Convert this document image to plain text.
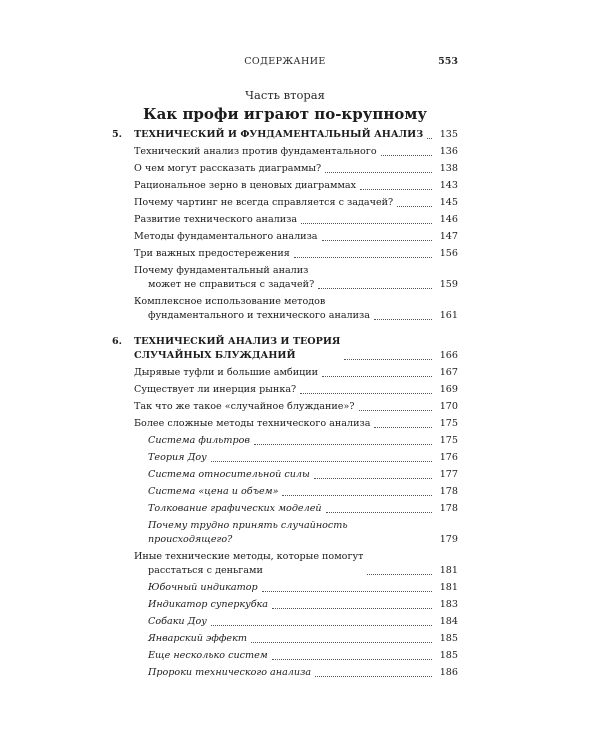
СОДЕРЖАНИЕ	553
Часть вторая
Как профи играют по-крупному
5. ТЕХНИЧЕСКИЙ И ФУНДАМЕНТАЛЬНЫЙ АНАЛИЗ	135
Технический анализ против фундаментального	136
О чем могут рассказать диаграммы?	138
Рациональное зерно в ценовых диаграммах	143
Почему чартинг не всегда справляется с задачей?	145
Развитие технического анализа	146
Методы фундаментального анализа	147
Три важных предостережения	156
Почему фундаментальный анализ
может не справиться с задачей?	159
Комплексное использование методов
фундаментального и технического анализа	161
6. ТЕХНИЧЕСКИЙ АНАЛИЗ И ТЕОРИЯ
СЛУЧАЙНЫХ БЛУЖДАНИЙ	166
Дырявые туфли и большие амбиции	167
Существует ли инерция рынка?	169
Так что же такое «случайное блуждание»?	170
Более сложные методы технического анализа	175
Система фильтров	175
Теория Доу	176
Система относительной силы	177
Система «цена и объем»	178
Толкование графических моделей	178
Почему трудно принять случайность происходящего?	179
Иные технические методы, которые помогут
расстаться с деньгами	181
Юбочный индикатор	181
Индикатор суперкубка	183
Собаки Доу	184
Январский эффект	185
Еще несколько систем	185
Пророки технического анализа	186
